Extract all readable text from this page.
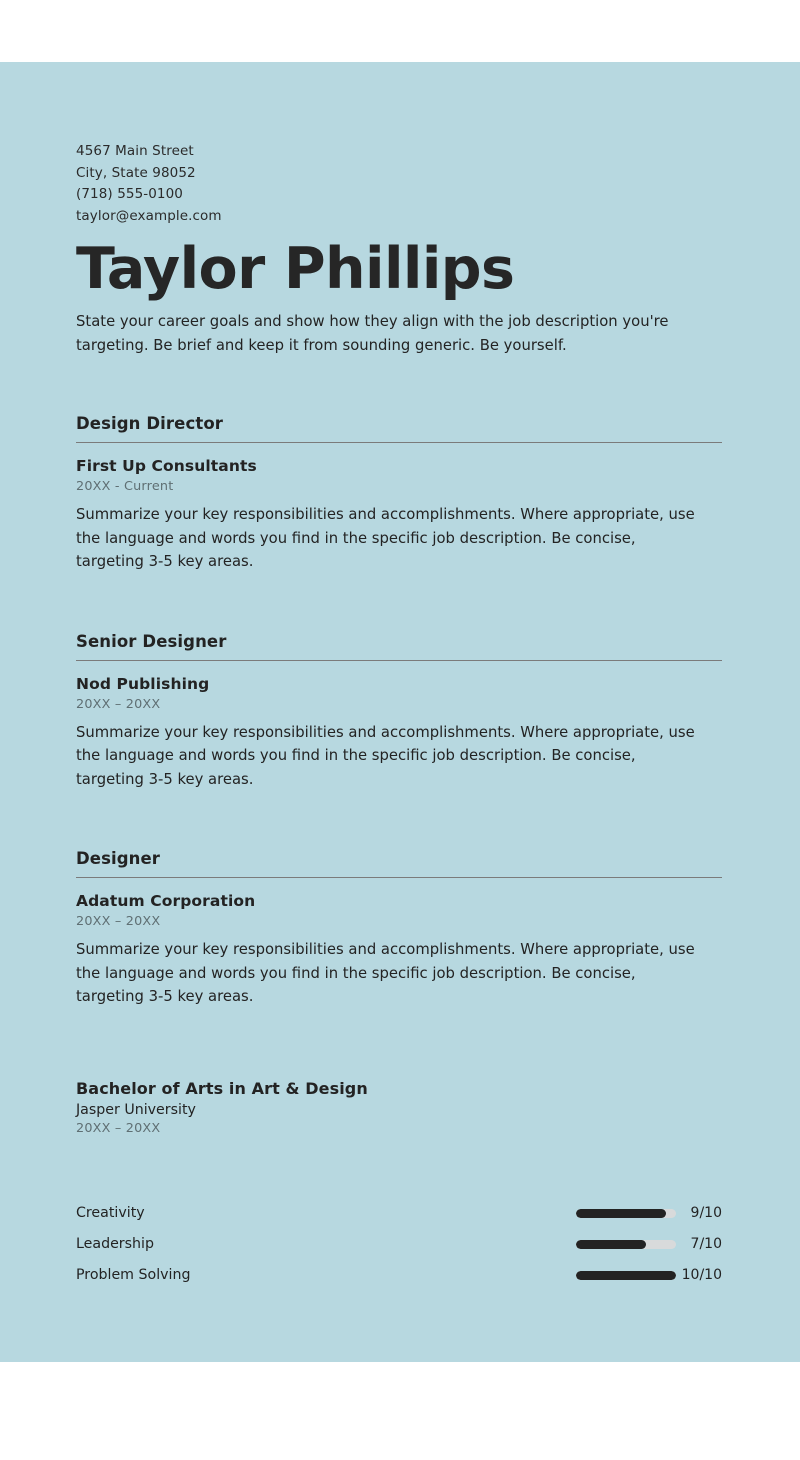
4567 Main Street
City, State 98052
(718) 555-0100
taylor@example.com
Taylor Phillips

State your career goals and show how they align with the job description you're targeting. Be brief and keep it from sounding generic. Be yourself.

Design Director
First Up Consultants
20XX - Current

Summarize your key responsibilities and accomplishments. Where appropriate, use the language and words you find in the specific job description. Be concise, targeting 3-5 key areas.

Senior Designer
Nod Publishing
20XX – 20XX

Summarize your key responsibilities and accomplishments. Where appropriate, use the language and words you find in the specific job description. Be concise, targeting 3-5 key areas.

Designer
Adatum Corporation
20XX – 20XX

Summarize your key responsibilities and accomplishments. Where appropriate, use the language and words you find in the specific job description. Be concise, targeting 3-5 key areas.

Bachelor of Arts in Art & Design
Jasper University
20XX – 20XX
Creativity	9/10
Leadership	7/10
Problem Solving	10/10
